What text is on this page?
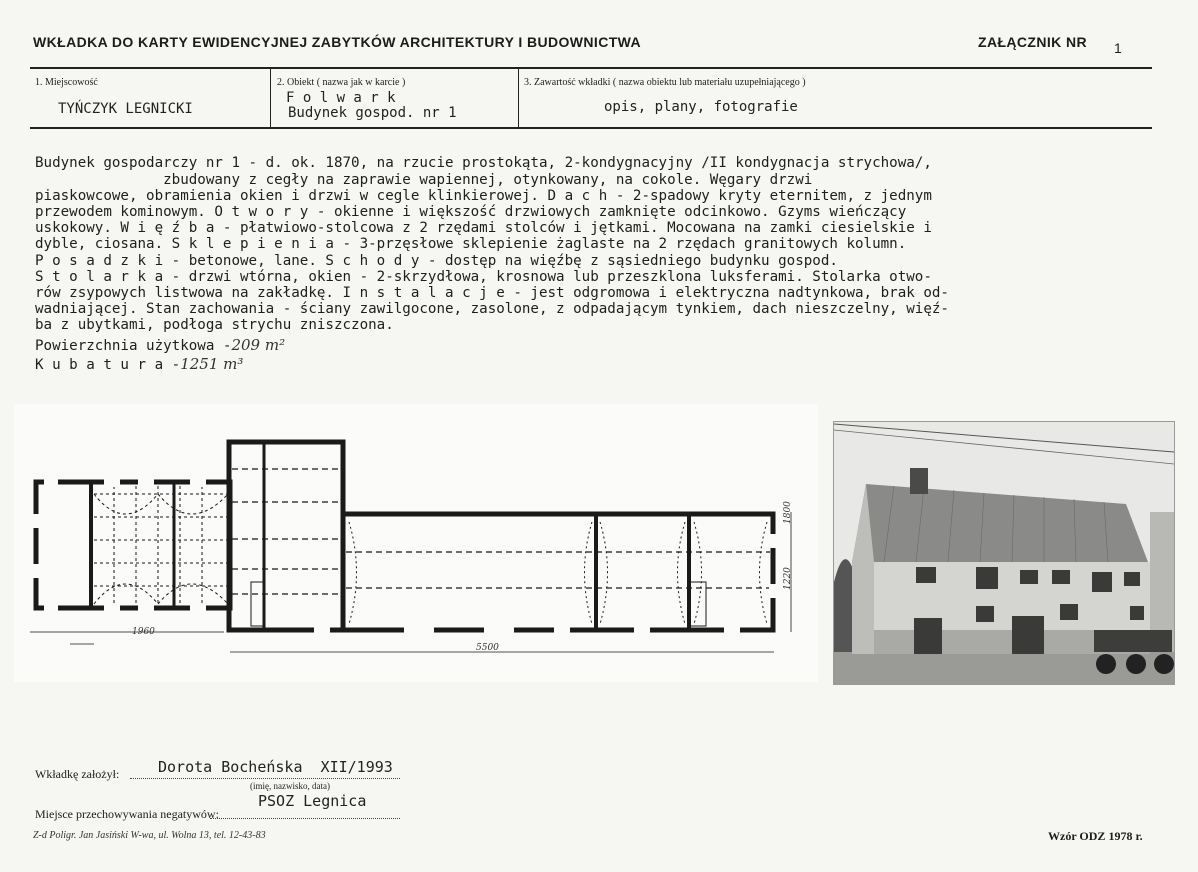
WKŁADKA DO KARTY EWIDENCYJNEJ ZABYTKÓW ARCHITEKTURY I BUDOWNICTWA	ZAŁĄCZNIK NR 1
1. Miejscowość
TYŃCZYK LEGNICKI
2. Obiekt ( nazwa jak w karcie )
F o l w a r k
Budynek gospod. nr 1
3. Zawartość wkładki ( nazwa obiektu lub materiału uzupełniającego )
opis, plany, fotografie
Budynek gospodarczy nr 1 - d. ok. 1870, na rzucie prostokąta, 2-kondygnacyjny /II kondygnacja strychowa/,
zbudowany z cegły na zaprawie wapiennej, otynkowany, na cokole. Węgary drzwi
piaskowcowe, obramienia okien i drzwi w cegle klinkierowej. D a c h - 2-spadowy kryty eternitem, z jednym
przewodem kominowym. O t w o r y - okienne i większość drzwiowych zamknięte odcinkowo. Gzyms wieńczący
uskokowy. W i ę ź b a - płatwiowo-stolcowa z 2 rzędami stolców i jętkami. Mocowana na zamki ciesielskie i
dyble, ciosana. S k l e p i e n i a - 3-przęsłowe sklepienie żaglaste na 2 rzędach granitowych kolumn.
P o s a d z k i - betonowe, lane. S c h o d y - dostęp na więźbę z sąsiedniego budynku gospod.
S t o l a r k a - drzwi wtórna, okien - 2-skrzydłowa, krosnowa lub przeszklona luksferami. Stolarka otwo-
rów zsypowych listwowa na zakładkę. I n s t a l a c j e - jest odgromowa i elektryczna nadtynkowa, brak od-
wadniającej. Stan zachowania - ściany zawilgocone, zasolone, z odpadającym tynkiem, dach nieszczelny, więź-
ba z ubytkami, podłoga strychu zniszczona.
Powierzchnia użytkowa -209 m²
K u b a t u r a -1251 m³
1960
5500
1800
1220
Wkładkę założył:	Dorota Bocheńska  XII/1993
(imię, nazwisko, data)
Miejsce przechowywania negatywów:
PSOZ Legnica
Z-d Poligr. Jan Jasiński W-wa, ul. Wolna 13, tel. 12-43-83	Wzór ODZ 1978 r.
